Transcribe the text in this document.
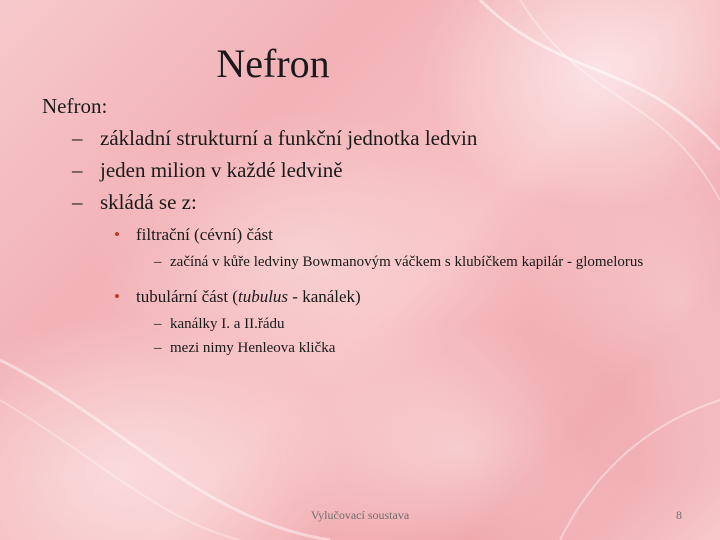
Nefron
Nefron:
– základní strukturní a funkční jednotka ledvin
– jeden milion v každé ledvině
– skládá se z:
• filtrační (cévní) část
– začíná v kůře ledviny Bowmanovým váčkem s klubíčkem kapilár - glomelorus
• tubulární část (tubulus - kanálek)
– kanálky I. a II.řádu
– mezi nimy Henleova klička
Vylučovací soustava	8
